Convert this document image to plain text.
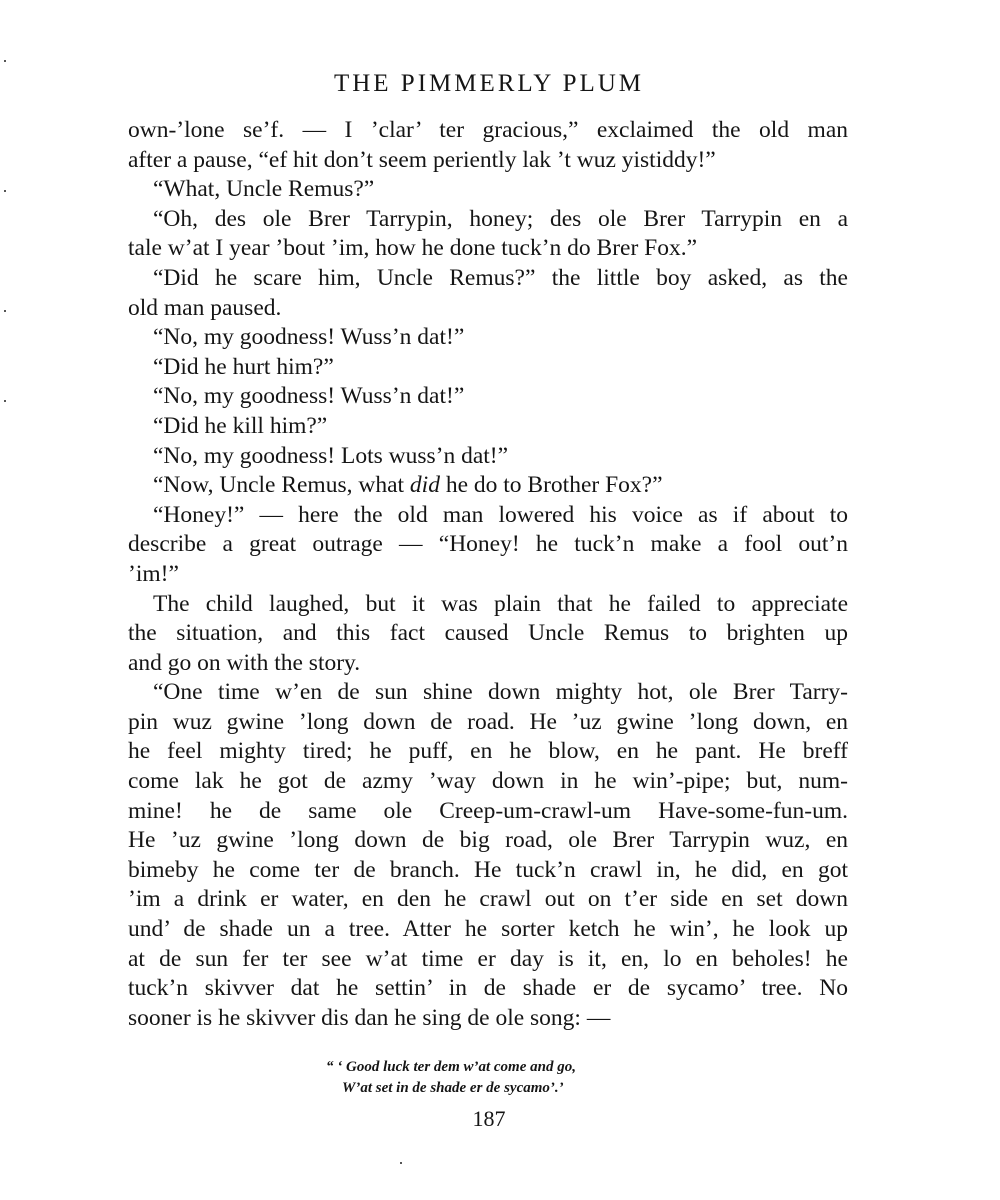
THE PIMMERLY PLUM
own-’lone se’f. — I ’clar’ ter gracious,” exclaimed the old man
after a pause, “ef hit don’t seem periently lak ’t wuz yistiddy!”
“What, Uncle Remus?”
“Oh, des ole Brer Tarrypin, honey; des ole Brer Tarrypin en a
tale w’at I year ’bout ’im, how he done tuck’n do Brer Fox.”
“Did he scare him, Uncle Remus?” the little boy asked, as the
old man paused.
“No, my goodness! Wuss’n dat!”
“Did he hurt him?”
“No, my goodness! Wuss’n dat!”
“Did he kill him?”
“No, my goodness! Lots wuss’n dat!”
“Now, Uncle Remus, what did he do to Brother Fox?”
“Honey!” — here the old man lowered his voice as if about to
describe a great outrage — “Honey! he tuck’n make a fool out’n
’im!”
The child laughed, but it was plain that he failed to appreciate
the situation, and this fact caused Uncle Remus to brighten up
and go on with the story.
“One time w’en de sun shine down mighty hot, ole Brer Tarry-
pin wuz gwine ’long down de road. He ’uz gwine ’long down, en
he feel mighty tired; he puff, en he blow, en he pant. He breff
come lak he got de azmy ’way down in he win’-pipe; but, num-
mine! he de same ole Creep-um-crawl-um Have-some-fun-um.
He ’uz gwine ’long down de big road, ole Brer Tarrypin wuz, en
bimeby he come ter de branch. He tuck’n crawl in, he did, en got
’im a drink er water, en den he crawl out on t’er side en set down
und’ de shade un a tree. Atter he sorter ketch he win’, he look up
at de sun fer ter see w’at time er day is it, en, lo en beholes! he
tuck’n skivver dat he settin’ in de shade er de sycamo’ tree. No
sooner is he skivver dis dan he sing de ole song: —
“ ‘ Good luck ter dem w’at come and go,
W’at set in de shade er de sycamo’.’
187
